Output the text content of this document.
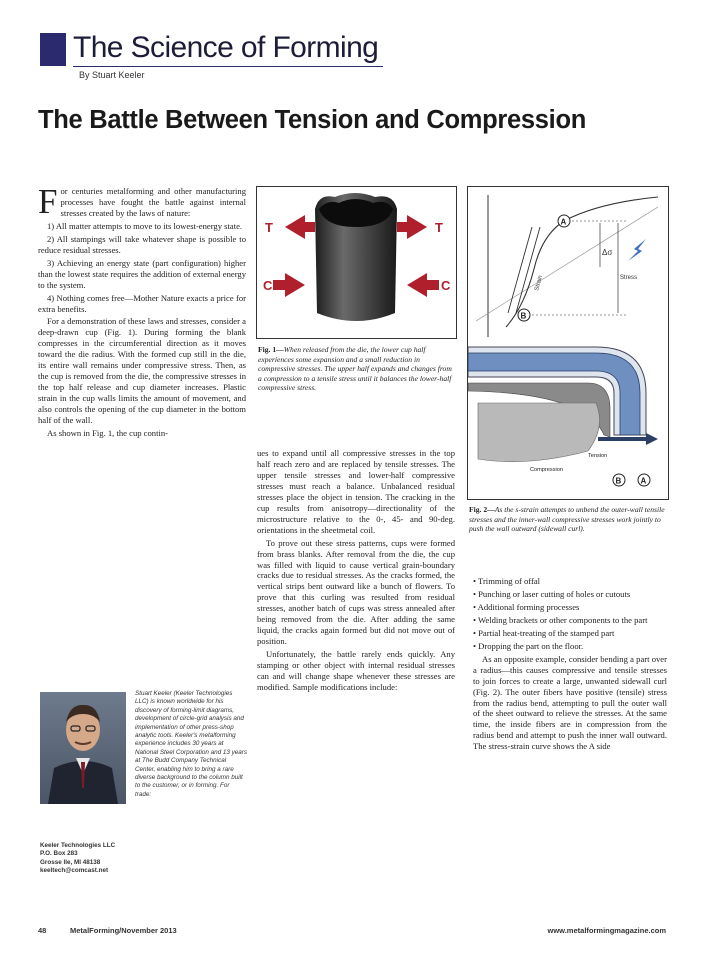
The Science of Forming
By Stuart Keeler
The Battle Between Tension and Compression

For centuries metalforming and other manufacturing processes have fought the battle against internal stresses created by the laws of nature:

1) All matter attempts to move to its lowest-energy state.

2) All stampings will take whatever shape is possible to reduce residual stresses.

3) Achieving an energy state (part configuration) higher than the lowest state requires the addition of external energy to the system.

4) Nothing comes free—Mother Nature exacts a price for extra benefits.

For a demonstration of these laws and stresses, consider a deep-drawn cup (Fig. 1). During forming the blank compresses in the circumferential direction as it moves toward the die radius. With the formed cup still in the die, its entire wall remains under compressive stress. Then, as the cup is removed from the die, the compressive stresses in the top half release and cup diameter increases. Plastic strain in the cup walls limits the amount of movement, and also controls the opening of the cup diameter in the bottom half of the wall.

As shown in Fig. 1, the cup contin-

Stuart Keeler (Keeler Technologies LLC) is known worldwide for his discovery of forming-limit diagrams, development of circle-grid analysis and implementation of other press-shop analytic tools. Keeler's metalforming experience includes 30 years at National Steel Corporation and 13 years at The Budd Company Technical Center, enabling him to bring a rare diverse background to the column built to the customer, or in forming. For trade:
Keeler Technologies LLC
P.O. Box 283
Grosse Ile, MI 48138
keeltech@comcast.net
T
C
T
C
Fig. 1—When released from the die, the lower cup half experiences some expansion and a small reduction in compressive stresses. The upper half expands and changes from a compression to a tensile stress until it balances the lower-half compressive stress.

ues to expand until all compressive stresses in the top half reach zero and are replaced by tensile stresses. The upper tensile stresses and lower-half compressive stresses must reach a balance. Unbalanced residual stresses place the object in tension. The cracking in the cup results from anisotropy—directionality of the microstructure relative to the 0-, 45- and 90-deg. orientations in the sheetmetal coil.

To prove out these stress patterns, cups were formed from brass blanks. After removal from the die, the cup was filled with liquid to cause vertical grain-boundary cracks due to residual stresses. As the cracks formed, the vertical strips bent outward like a bunch of flowers. To prove that this curling was resulted from residual stresses, another batch of cups was stress annealed after being removed from the die. After adding the same liquid, the cracks again formed but did not move out of position.

Unfortunately, the battle rarely ends quickly. Any stamping or other object with internal residual stresses can and will change shape whenever these stresses are modified. Sample modifications include:

Δσ
Stress
Strain
A
B
Tension
Compression
B A
Fig. 2—As the s-strain attempts to unbend the outer-wall tensile stresses and the inner-wall compressive stresses work jointly to push the wall outward (sidewall curl).
• Trimming of offal
• Punching or laser cutting of holes or cutouts
• Additional forming processes
• Welding brackets or other components to the part
• Partial heat-treating of the stamped part
• Dropping the part on the floor.

As an opposite example, consider bending a part over a radius—this causes compressive and tensile stresses to join forces to create a large, unwanted sidewall curl (Fig. 2). The outer fibers have positive (tensile) stress from the radius bend, attempting to pull the outer wall of the sheet outward to relieve the stresses. At the same time, the inside fibers are in compression from the radius bend and attempt to push the inner wall outward. The stress-strain curve shows the A side

48	MetalForming/November 2013	www.metalformingmagazine.com
